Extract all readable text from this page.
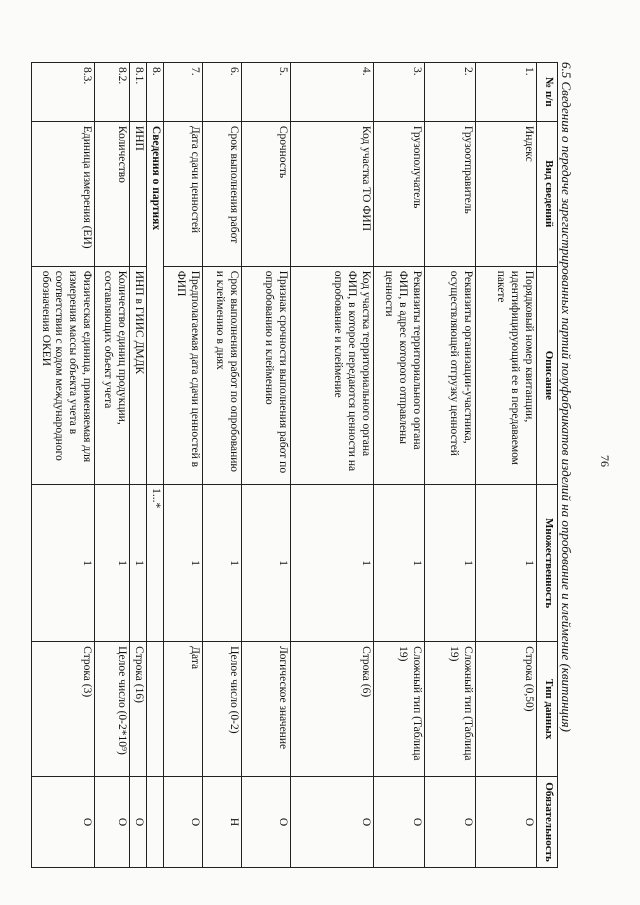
76
6.5 Сведения о передаче зарегистрированных партий полуфабрикатов изделий на опробование и клеймение (квитанция)
№ п/п	Вид сведений	Описание	Множественность	Тип данных	Обязательность
1.	Индекс	Порядковый номер квитанции, идентифицирующий ее в передаваемом пакете	1	Строка (0,50)	О
2.	Грузоотправитель	Реквизиты организации-участника, осуществляющей отгрузку ценностей	1	Сложный тип (Таблица 19)	О
3.	Грузополучатель	Реквизиты территориального органа ФИП, в адрес которого отправлены ценности	1	Сложный тип (Таблица 19)	О
4.	Код участка ТО ФИП	Код участка территориального органа ФИП, в которое передаются ценности на опробование и клеймение	1	Строка (6)	О
5.	Срочность	Признак срочности выполнения работ по опробованию и клеймению	1	Логическое значение	О
6.	Срок выполнения работ	Срок выполнения работ по опробованию и клеймению в днях	1	Целое число (0-2)	Н
7.	Дата сдачи ценностей	Предполагаемая дата сдачи ценностей в ФИП	1	Дата	О
8.	Сведения о партиях		1...*		
8.1.	ИНП	ИНП в ГИИС ДМДК	1	Строка (16)	О
8.2.	Количество	Количество единиц продукции, составляющих объект учета	1	Целое число (0-2*10⁹)	О
8.3.	Единица измерения (ЕИ)	Физическая единица, применяемая для измерения массы объекта учета в соответствии с кодом международного обозначения ОКЕИ	1	Строка (3)	О
